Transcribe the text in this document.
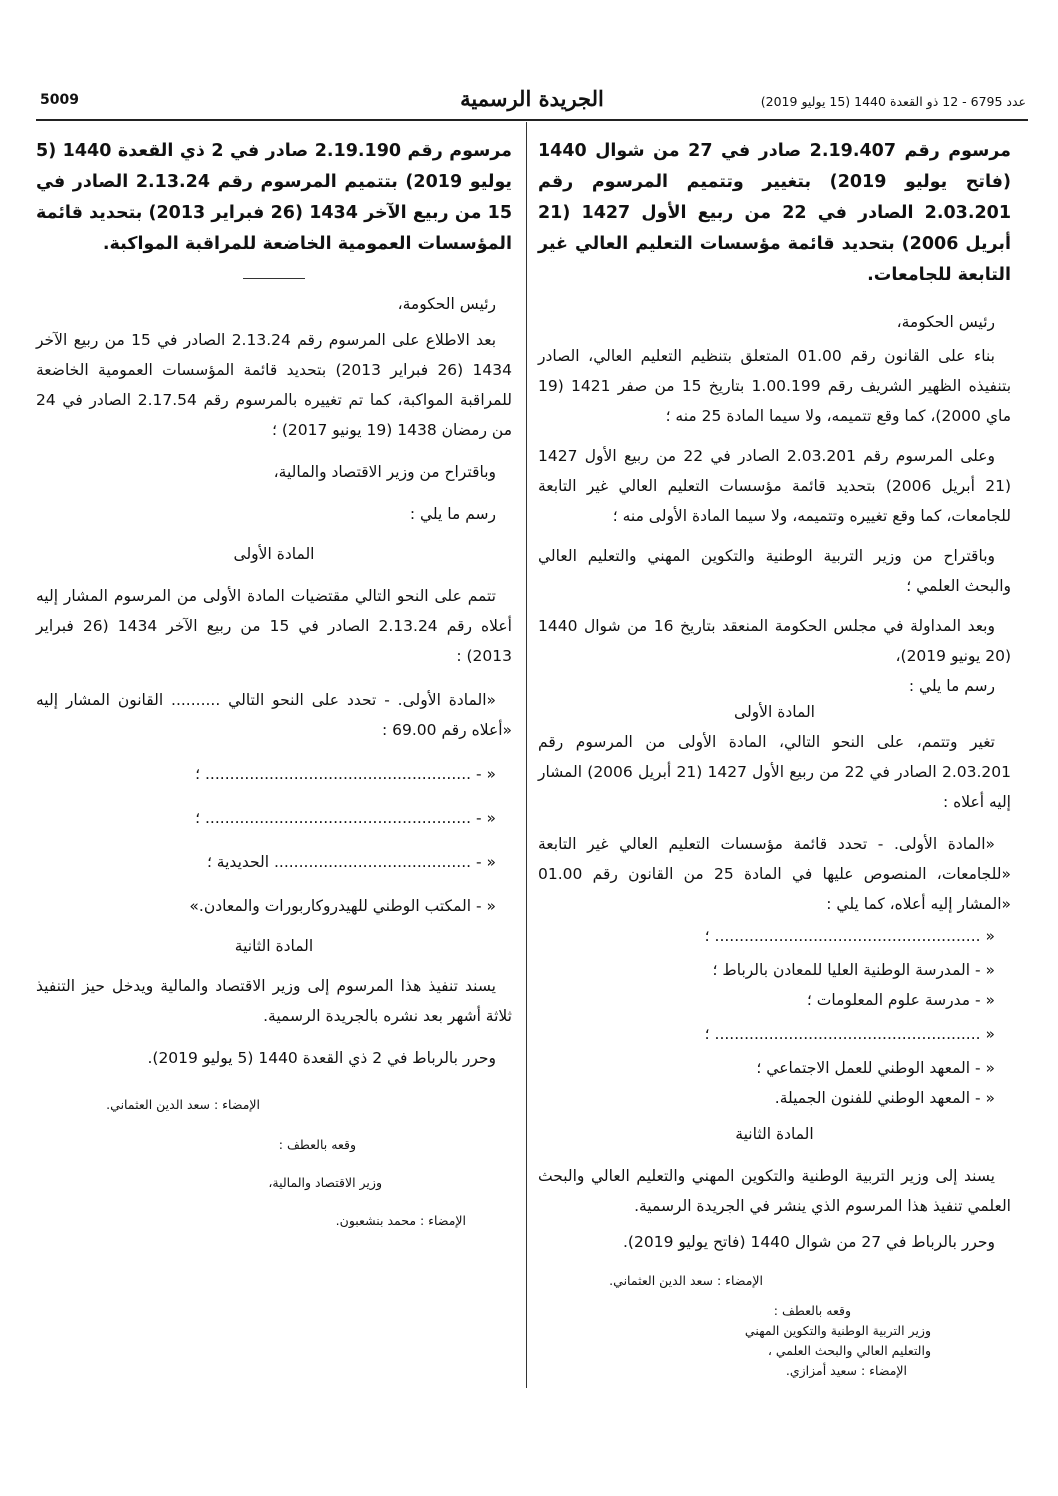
5009	الجريدة الرسمية	عدد 6795 - 12 ذو القعدة 1440 (15 يوليو 2019)

مرسوم رقم 2.19.407 صادر في 27 من شوال 1440 (فاتح يوليو 2019) بتغيير وتتميم المرسوم رقم 2.03.201 الصادر في 22 من ربيع الأول 1427 (21 أبريل 2006) بتحديد قائمة مؤسسات التعليم العالي غير التابعة للجامعات.

رئيس الحكومة،

بناء على القانون رقم 01.00 المتعلق بتنظيم التعليم العالي، الصادر بتنفيذه الظهير الشريف رقم 1.00.199 بتاريخ 15 من صفر 1421 (19 ماي 2000)، كما وقع تتميمه، ولا سيما المادة 25 منه ؛

وعلى المرسوم رقم 2.03.201 الصادر في 22 من ربيع الأول 1427 (21 أبريل 2006) بتحديد قائمة مؤسسات التعليم العالي غير التابعة للجامعات، كما وقع تغييره وتتميمه، ولا سيما المادة الأولى منه ؛

وباقتراح من وزير التربية الوطنية والتكوين المهني والتعليم العالي والبحث العلمي ؛

وبعد المداولة في مجلس الحكومة المنعقد بتاريخ 16 من شوال 1440 (20 يونيو 2019)،

رسم ما يلي :

المادة الأولى

تغير وتتمم، على النحو التالي، المادة الأولى من المرسوم رقم 2.03.201 الصادر في 22 من ربيع الأول 1427 (21 أبريل 2006) المشار إليه أعلاه :

«المادة الأولى. - تحدد قائمة مؤسسات التعليم العالي غير التابعة «للجامعات، المنصوص عليها في المادة 25 من القانون رقم 01.00 «المشار إليه أعلاه، كما يلي :

« ...................................................... ؛

« - المدرسة الوطنية العليا للمعادن بالرباط ؛

« - مدرسة علوم المعلومات ؛

« ...................................................... ؛

« - المعهد الوطني للعمل الاجتماعي ؛

« - المعهد الوطني للفنون الجميلة.

المادة الثانية

يسند إلى وزير التربية الوطنية والتكوين المهني والتعليم العالي والبحث العلمي تنفيذ هذا المرسوم الذي ينشر في الجريدة الرسمية.

وحرر بالرباط في 27 من شوال 1440 (فاتح يوليو 2019).

الإمضاء : سعد الدين العثماني.

وقعه بالعطف :

وزير التربية الوطنية والتكوين المهني

والتعليم العالي والبحث العلمي ،

الإمضاء : سعيد أمزازي.

مرسوم رقم 2.19.190 صادر في 2 ذي القعدة 1440 (5 يوليو 2019) بتتميم المرسوم رقم 2.13.24 الصادر في 15 من ربيع الآخر 1434 (26 فبراير 2013) بتحديد قائمة المؤسسات العمومية الخاضعة للمراقبة المواكبة.

رئيس الحكومة،

بعد الاطلاع على المرسوم رقم 2.13.24 الصادر في 15 من ربيع الآخر 1434 (26 فبراير 2013) بتحديد قائمة المؤسسات العمومية الخاضعة للمراقبة المواكبة، كما تم تغييره بالمرسوم رقم 2.17.54 الصادر في 24 من رمضان 1438 (19 يونيو 2017) ؛

وباقتراح من وزير الاقتصاد والمالية،

رسم ما يلي :

المادة الأولى

تتمم على النحو التالي مقتضيات المادة الأولى من المرسوم المشار إليه أعلاه رقم 2.13.24 الصادر في 15 من ربيع الآخر 1434 (26 فبراير 2013) :

«المادة الأولى. - تحدد على النحو التالي .......... القانون المشار إليه «أعلاه رقم 69.00 :

« - ...................................................... ؛

« - ...................................................... ؛

« - ........................................ الحديدية ؛

« - المكتب الوطني للهيدروكاربورات والمعادن.»

المادة الثانية

يسند تنفيذ هذا المرسوم إلى وزير الاقتصاد والمالية ويدخل حيز التنفيذ ثلاثة أشهر بعد نشره بالجريدة الرسمية.

وحرر بالرباط في 2 ذي القعدة 1440 (5 يوليو 2019).

الإمضاء : سعد الدين العثماني.

وقعه بالعطف :

وزير الاقتصاد والمالية،

الإمضاء : محمد بنشعبون.
